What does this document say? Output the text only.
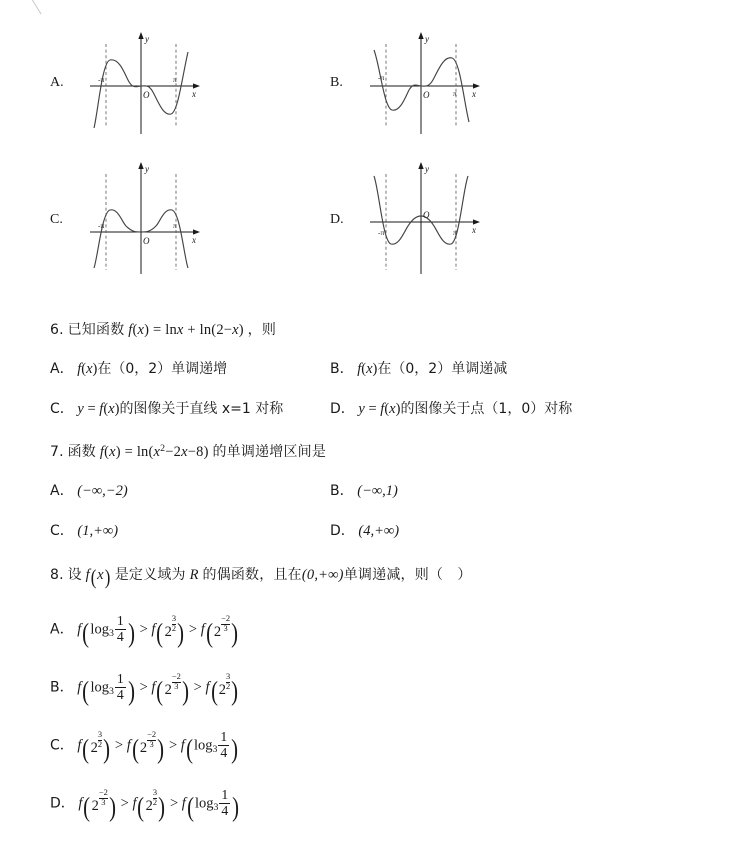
A.
y
x
O
-π	π	B.
y
x
O
-π
π
C.
y
x
O
-π	π	D.
y
x
O
-π	π
6. 已知函数 f(x) = lnx + ln(2−x) ，则
A． f(x)在（0，2）单调递增	B． f(x)在（0，2）单调递减
C． y = f(x)的图像关于直线 x=1 对称	D． y = f(x)的图像关于点（1，0）对称
7. 函数 $f(x) = \ln(x^2-2x-8)$ 的单调递增区间是
A． (−∞,−2)	B． (−∞,1)
C． (1,+∞)	D． (4,+∞)
8. 设 f(x) 是定义域为 R 的偶函数，且在(0,+∞)单调递减，则（　）
A． $f(\log_3 \frac{1}{4}$ ) > $f(2 \frac{3}{2}$ ) > $f(2 \frac{-2}{3}$ )
B． $f(\log_3 \frac{1}{4}$ ) > $f(2 \frac{-2}{3}$ ) > $f(2 \frac{3}{2}$ )
C． $f(2 \frac{3}{2}$ ) > $f(2 \frac{-2}{3}$ ) > $f(\log_3 \frac{1}{4}$ )
D． $f(2 \frac{-2}{3}$ ) > $f(2 \frac{3}{2}$ ) > $f(\log_3 \frac{1}{4}$ )
